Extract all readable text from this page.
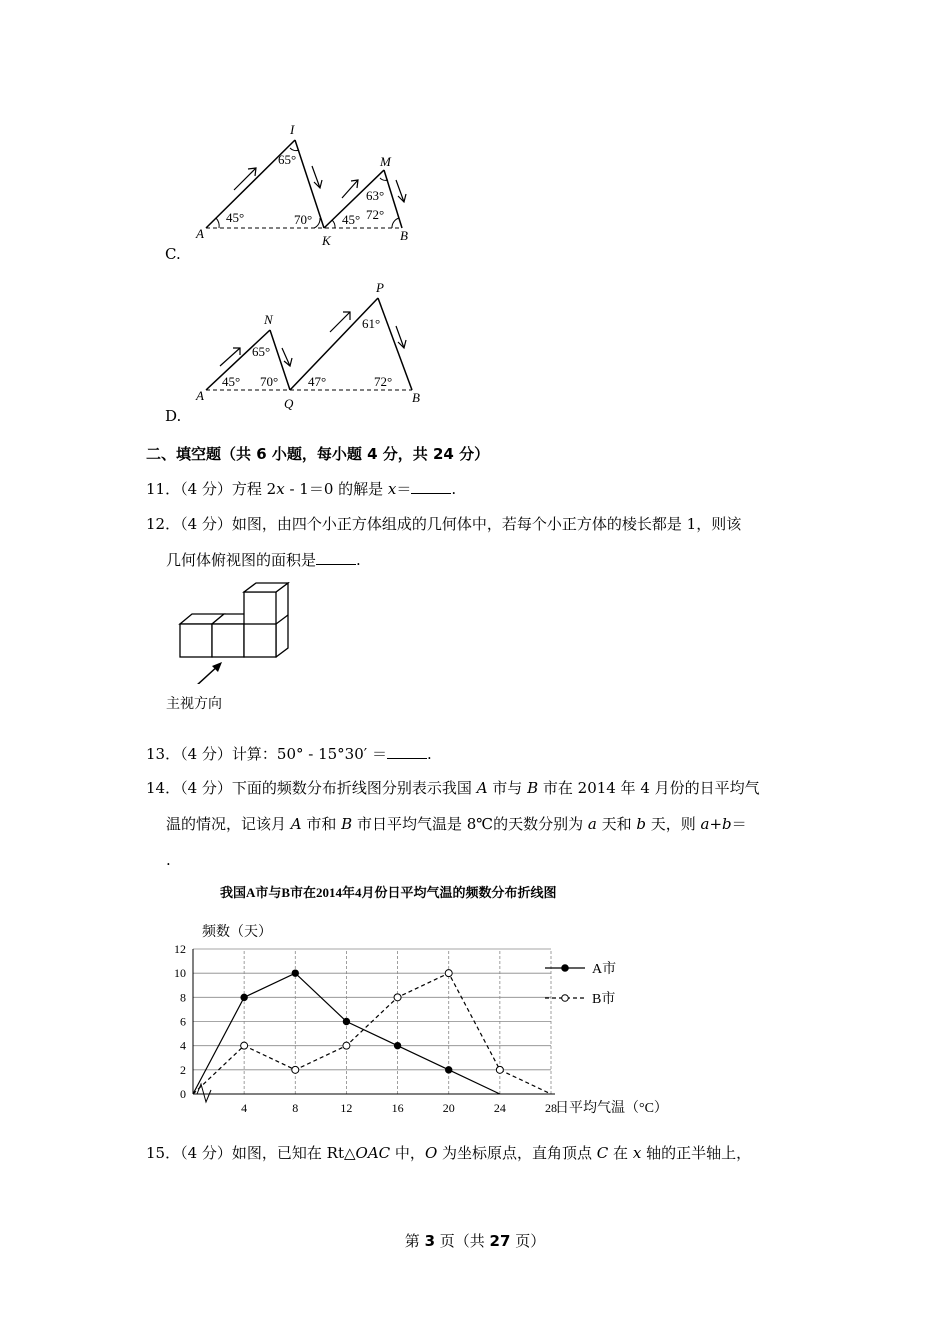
C.
I
M
A	K	B
65°
45°	70° 45°
63°
72°
D.
N
P
A
Q	B
65°
61°
45° 70° 47°	72°
二、填空题（共 6 小题，每小题 4 分，共 24 分）
11．（4 分）方程 2x - 1＝0 的解是 x＝	.
12．（4 分）如图，由四个小正方体组成的几何体中，若每个小正方体的棱长都是 1，则该
几何体俯视图的面积是	.
主视方向
13．（4 分）计算：50° - 15°30′ ＝	.
14．（4 分）下面的频数分布折线图分别表示我国 A 市与 B 市在 2014 年 4 月份的日平均气
温的情况，记该月 A 市和 B 市日平均气温是 8℃的天数分别为 a 天和 b 天，则 a+b＝
.
我国A市与B市在2014年4月份日平均气温的频数分布折线图
频数（天）
0
2
4
6
8
10
12
4	8	12	16	20	24	28
日平均气温（°C）
A市
B市
15．（4 分）如图，已知在 Rt△OAC 中，O 为坐标原点，直角顶点 C 在 x 轴的正半轴上，
第 3 页（共 27 页）
